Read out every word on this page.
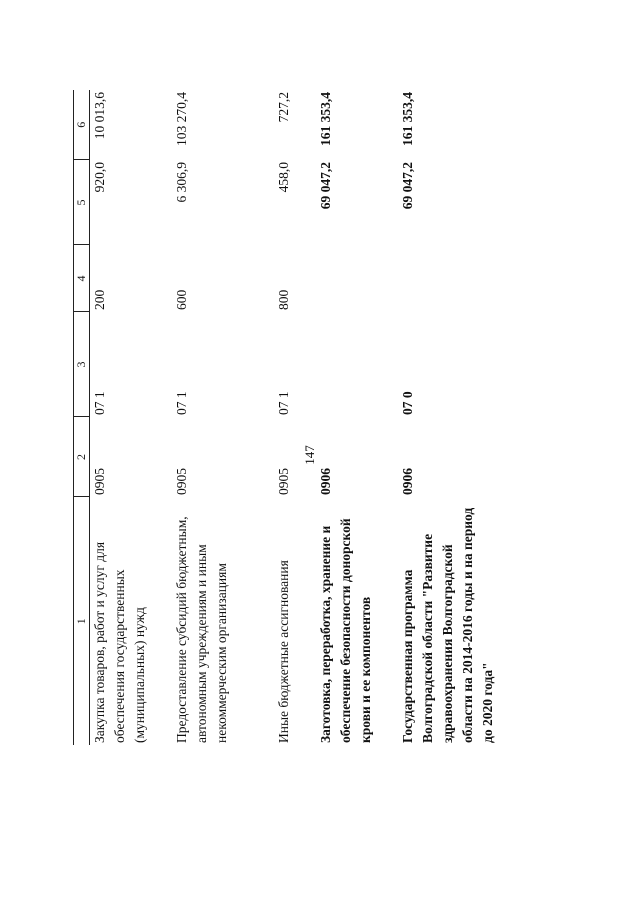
147
1	2	3	4	5	6
Закупка товаров, работ и услуг для обеспечения государственных (муниципальных) нужд	0905	07 1	200	920,0	10 013,6
Предоставление субсидий бюджетным, автономным учреждениям и иным некоммерческим организациям	0905	07 1	600	6 306,9	103 270,4
Иные бюджетные ассигнования	0905	07 1	800	458,0	727,2
Заготовка, переработка, хранение и обеспечение безопасности донорской крови и ее компонентов	0906			69 047,2	161 353,4
Государственная программа Волгоградской области "Развитие здравоохранения Волгоградской области на 2014-2016 годы и на период до 2020 года"	0906	07 0		69 047,2	161 353,4
